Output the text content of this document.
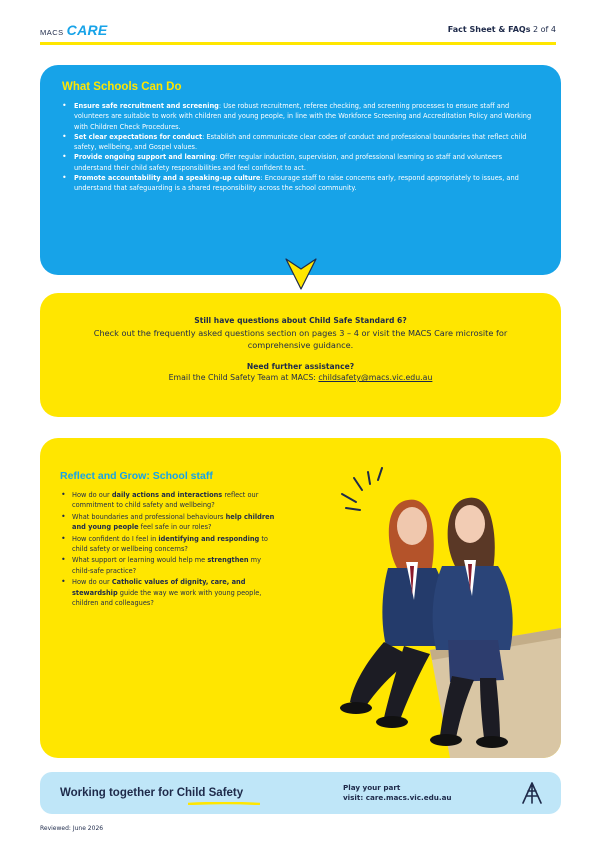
MACS CARE	Fact Sheet & FAQs 2 of 4
What Schools Can Do
• Ensure safe recruitment and screening: Use robust recruitment, referee checking, and screening processes to ensure staff and volunteers are suitable to work with children and young people, in line with the Workforce Screening and Accreditation Policy and Working with Children Check Procedures.
• Set clear expectations for conduct: Establish and communicate clear codes of conduct and professional boundaries that reflect child safety, wellbeing, and Gospel values.
• Provide ongoing support and learning: Offer regular induction, supervision, and professional learning so staff and volunteers understand their child safety responsibilities and feel confident to act.
• Promote accountability and a speaking-up culture: Encourage staff to raise concerns early, respond appropriately to issues, and understand that safeguarding is a shared responsibility across the school community.
Still have questions about Child Safe Standard 6?
Check out the frequently asked questions section on pages 3 – 4 or visit the MACS Care microsite for comprehensive guidance.
Need further assistance?
Email the Child Safety Team at MACS: childsafety@macs.vic.edu.au
Reflect and Grow: School staff
• How do our daily actions and interactions reflect our commitment to child safety and wellbeing?
• What boundaries and professional behaviours help children and young people feel safe in our roles?
• How confident do I feel in identifying and responding to child safety or wellbeing concerns?
• What support or learning would help me strengthen my child-safe practice?
• How do our Catholic values of dignity, care, and stewardship guide the way we work with young people, children and colleagues?
Working together for Child Safety	Play your part
visit: care.macs.vic.edu.au
Reviewed: June 2026
